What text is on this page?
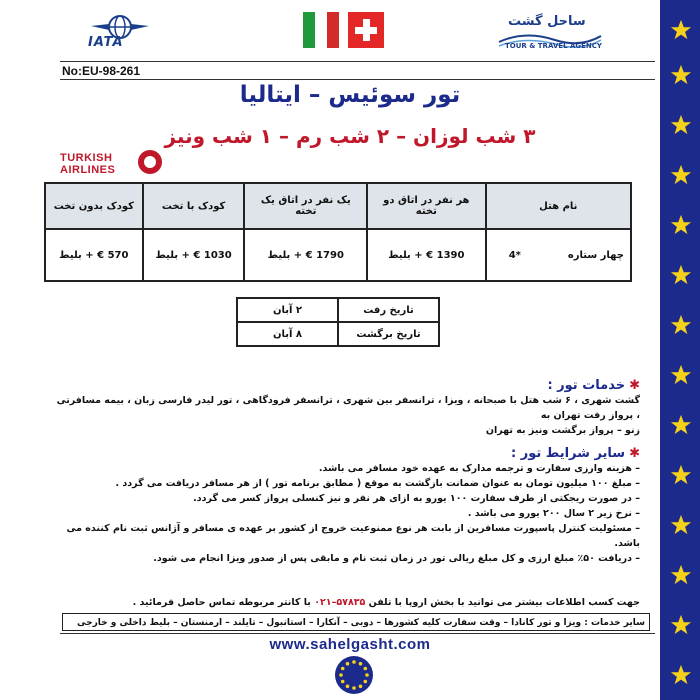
IATA
ساحل گشت
TOUR & TRAVEL AGENCY
No:EU-98-261
تور سوئیس – ایتالیا
۳ شب لوزان – ۲ شب رم – ۱ شب ونیز
TURKISH
AIRLINES
نام هتل	هر نفر در اتاق دو تخته	یک نفر در اتاق یک تخته	کودک با تخت	کودک بدون تخت
چهار ستاره  *4	1390 € + بلیط	1790 € + بلیط	1030 € + بلیط	570 € + بلیط
تاریخ رفت	۲ آبان
تاریخ برگشت	۸ آبان
✱خدمات تور :
گشت شهری ، ۶ شب هتل با صبحانه ، ویزا ، ترانسفر بین شهری ، ترانسفر فرودگاهی ، تور لیدر فارسی زبان ، بیمه مسافرتی ، پرواز رفت تهران به
زنو – پرواز برگشت ونیز به تهران
✱سایر شرایط تور :
– هزینه وارزی سفارت و ترجمه مدارک به عهده خود مسافر می باشد.
– مبلغ ۱۰۰ میلیون تومان به عنوان ضمانت بازگشت به موقع ( مطابق برنامه تور ) از هر مسافر دریافت می گردد .
– در صورت ریجکتی از طرف سفارت ۱۰۰ یورو به ازای هر نفر و نیز کنسلی پرواز کسر می گردد.
– نرخ زیر ۲ سال ۲۰۰ یورو می باشد .
– مسئولیت کنترل پاسپورت مسافرین از بابت هر نوع ممنوعیت خروج از کشور بر عهده ی مسافر و آژانس ثبت نام کننده می باشد.
– دریافت ۵۰٪ مبلغ ارزی و کل مبلغ ریالی تور در زمان ثبت نام و مابقی پس از صدور ویزا انجام می شود.
جهت کسب اطلاعات بیشتر می توانید با بخش اروپا با تلفن ۵۷۸۳۵–۰۲۱ با کانتر مربوطه تماس حاصل فرمائید .
سایر خدمات : ویزا و تور کانادا – وقت سفارت کلیه کشورها – دوبی – آنکارا – استانبول – تایلند – ارمنستان – بلیط داخلی و خارجی
www.sahelgasht.com
